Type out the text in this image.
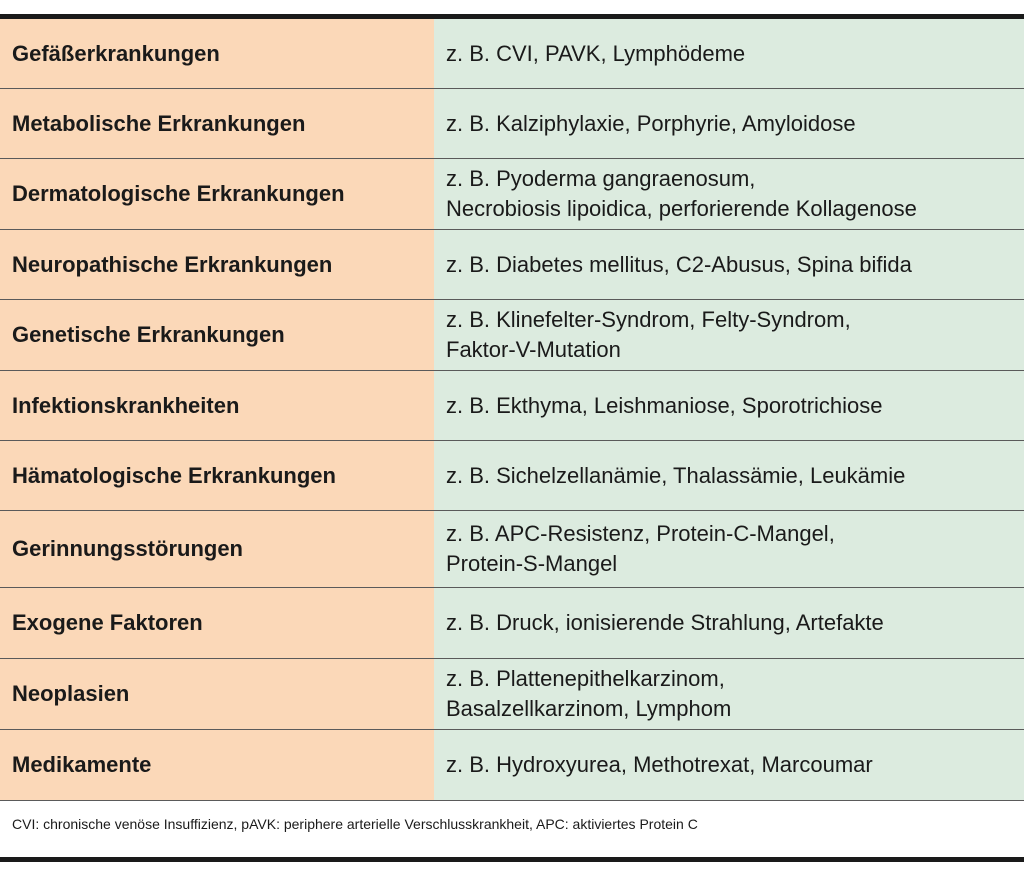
Gefäßerkrankungen	z. B. CVI, PAVK, Lymphödeme

Metabolische Erkrankungen	z. B. Kalziphylaxie, Porphyrie, Amyloidose

Dermatologische Erkrankungen	z. B. Pyoderma gangraenosum,
Necrobiosis lipoidica, perforierende Kollagenose

Neuropathische Erkrankungen	z. B. Diabetes mellitus, C2-Abusus, Spina bifida

Genetische Erkrankungen	z. B. Klinefelter-Syndrom, Felty-Syndrom,
Faktor-V-Mutation

Infektionskrankheiten	z. B. Ekthyma, Leishmaniose, Sporotrichiose

Hämatologische Erkrankungen	z. B. Sichelzellanämie, Thalassämie, Leukämie

Gerinnungsstörungen	z. B. APC-Resistenz, Protein-C-Mangel,
Protein-S-Mangel

Exogene Faktoren	z. B. Druck, ionisierende Strahlung, Artefakte

Neoplasien	z. B. Plattenepithelkarzinom,
Basalzellkarzinom, Lymphom

Medikamente	z. B. Hydroxyurea, Methotrexat, Marcoumar
CVI: chronische venöse Insuffizienz, pAVK: periphere arterielle Verschlusskrankheit, APC: aktiviertes Protein C
